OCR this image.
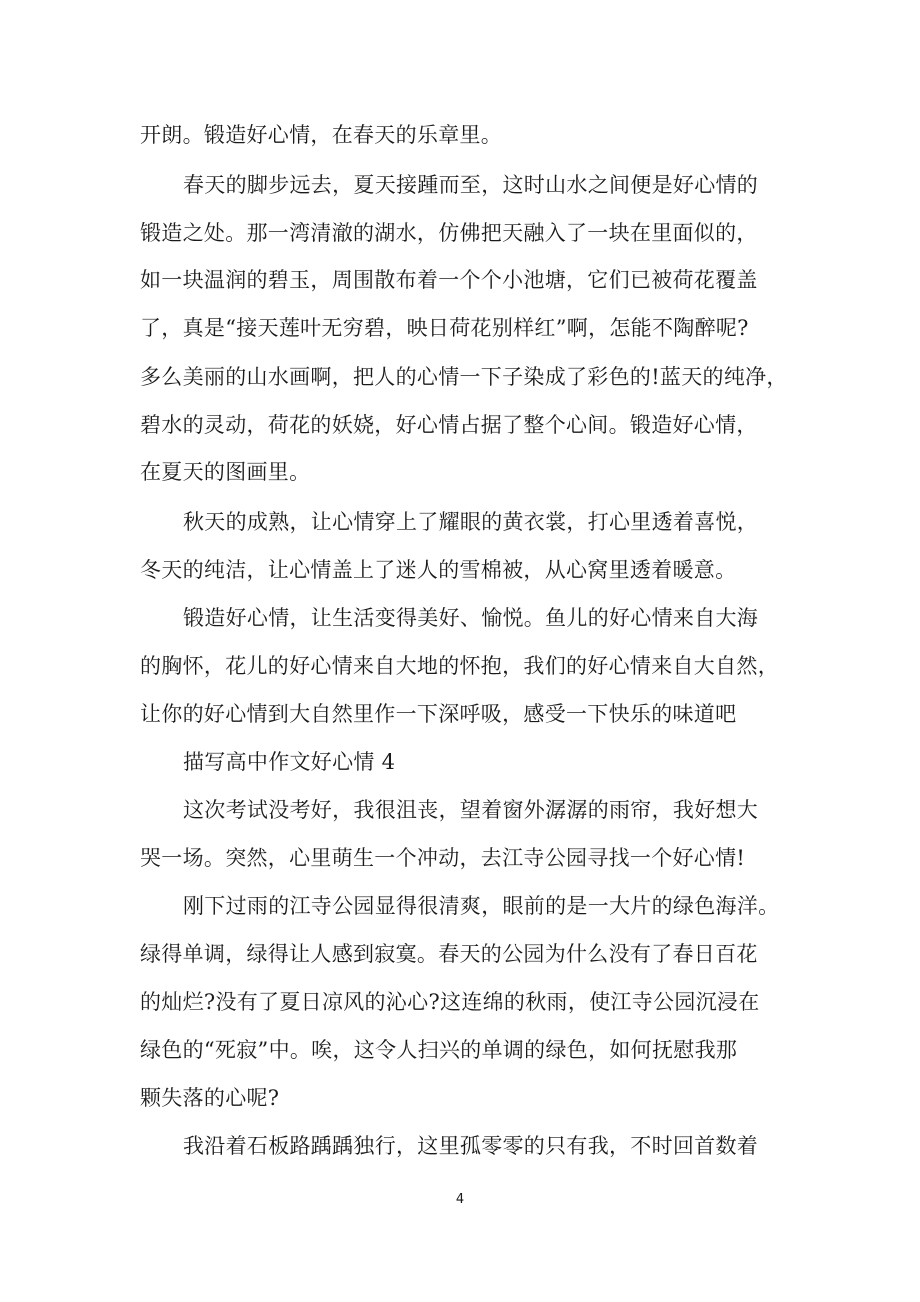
开朗。锻造好心情，在春天的乐章里。
春天的脚步远去，夏天接踵而至，这时山水之间便是好心情的
锻造之处。那一湾清澈的湖水，仿佛把天融入了一块在里面似的，
如一块温润的碧玉，周围散布着一个个小池塘，它们已被荷花覆盖
了，真是“接天莲叶无穷碧，映日荷花别样红”啊，怎能不陶醉呢?
多么美丽的山水画啊，把人的心情一下子染成了彩色的!蓝天的纯净，
碧水的灵动，荷花的妖娆，好心情占据了整个心间。锻造好心情，
在夏天的图画里。
秋天的成熟，让心情穿上了耀眼的黄衣裳，打心里透着喜悦，
冬天的纯洁，让心情盖上了迷人的雪棉被，从心窝里透着暖意。
锻造好心情，让生活变得美好、愉悦。鱼儿的好心情来自大海
的胸怀，花儿的好心情来自大地的怀抱，我们的好心情来自大自然，
让你的好心情到大自然里作一下深呼吸，感受一下快乐的味道吧
描写高中作文好心情 4
这次考试没考好，我很沮丧，望着窗外潺潺的雨帘，我好想大
哭一场。突然，心里萌生一个冲动，去江寺公园寻找一个好心情!
刚下过雨的江寺公园显得很清爽，眼前的是一大片的绿色海洋。
绿得单调，绿得让人感到寂寞。春天的公园为什么没有了春日百花
的灿烂?没有了夏日凉风的沁心?这连绵的秋雨，使江寺公园沉浸在
绿色的“死寂”中。唉，这令人扫兴的单调的绿色，如何抚慰我那
颗失落的心呢?
我沿着石板路踽踽独行，这里孤零零的只有我，不时回首数着
4
